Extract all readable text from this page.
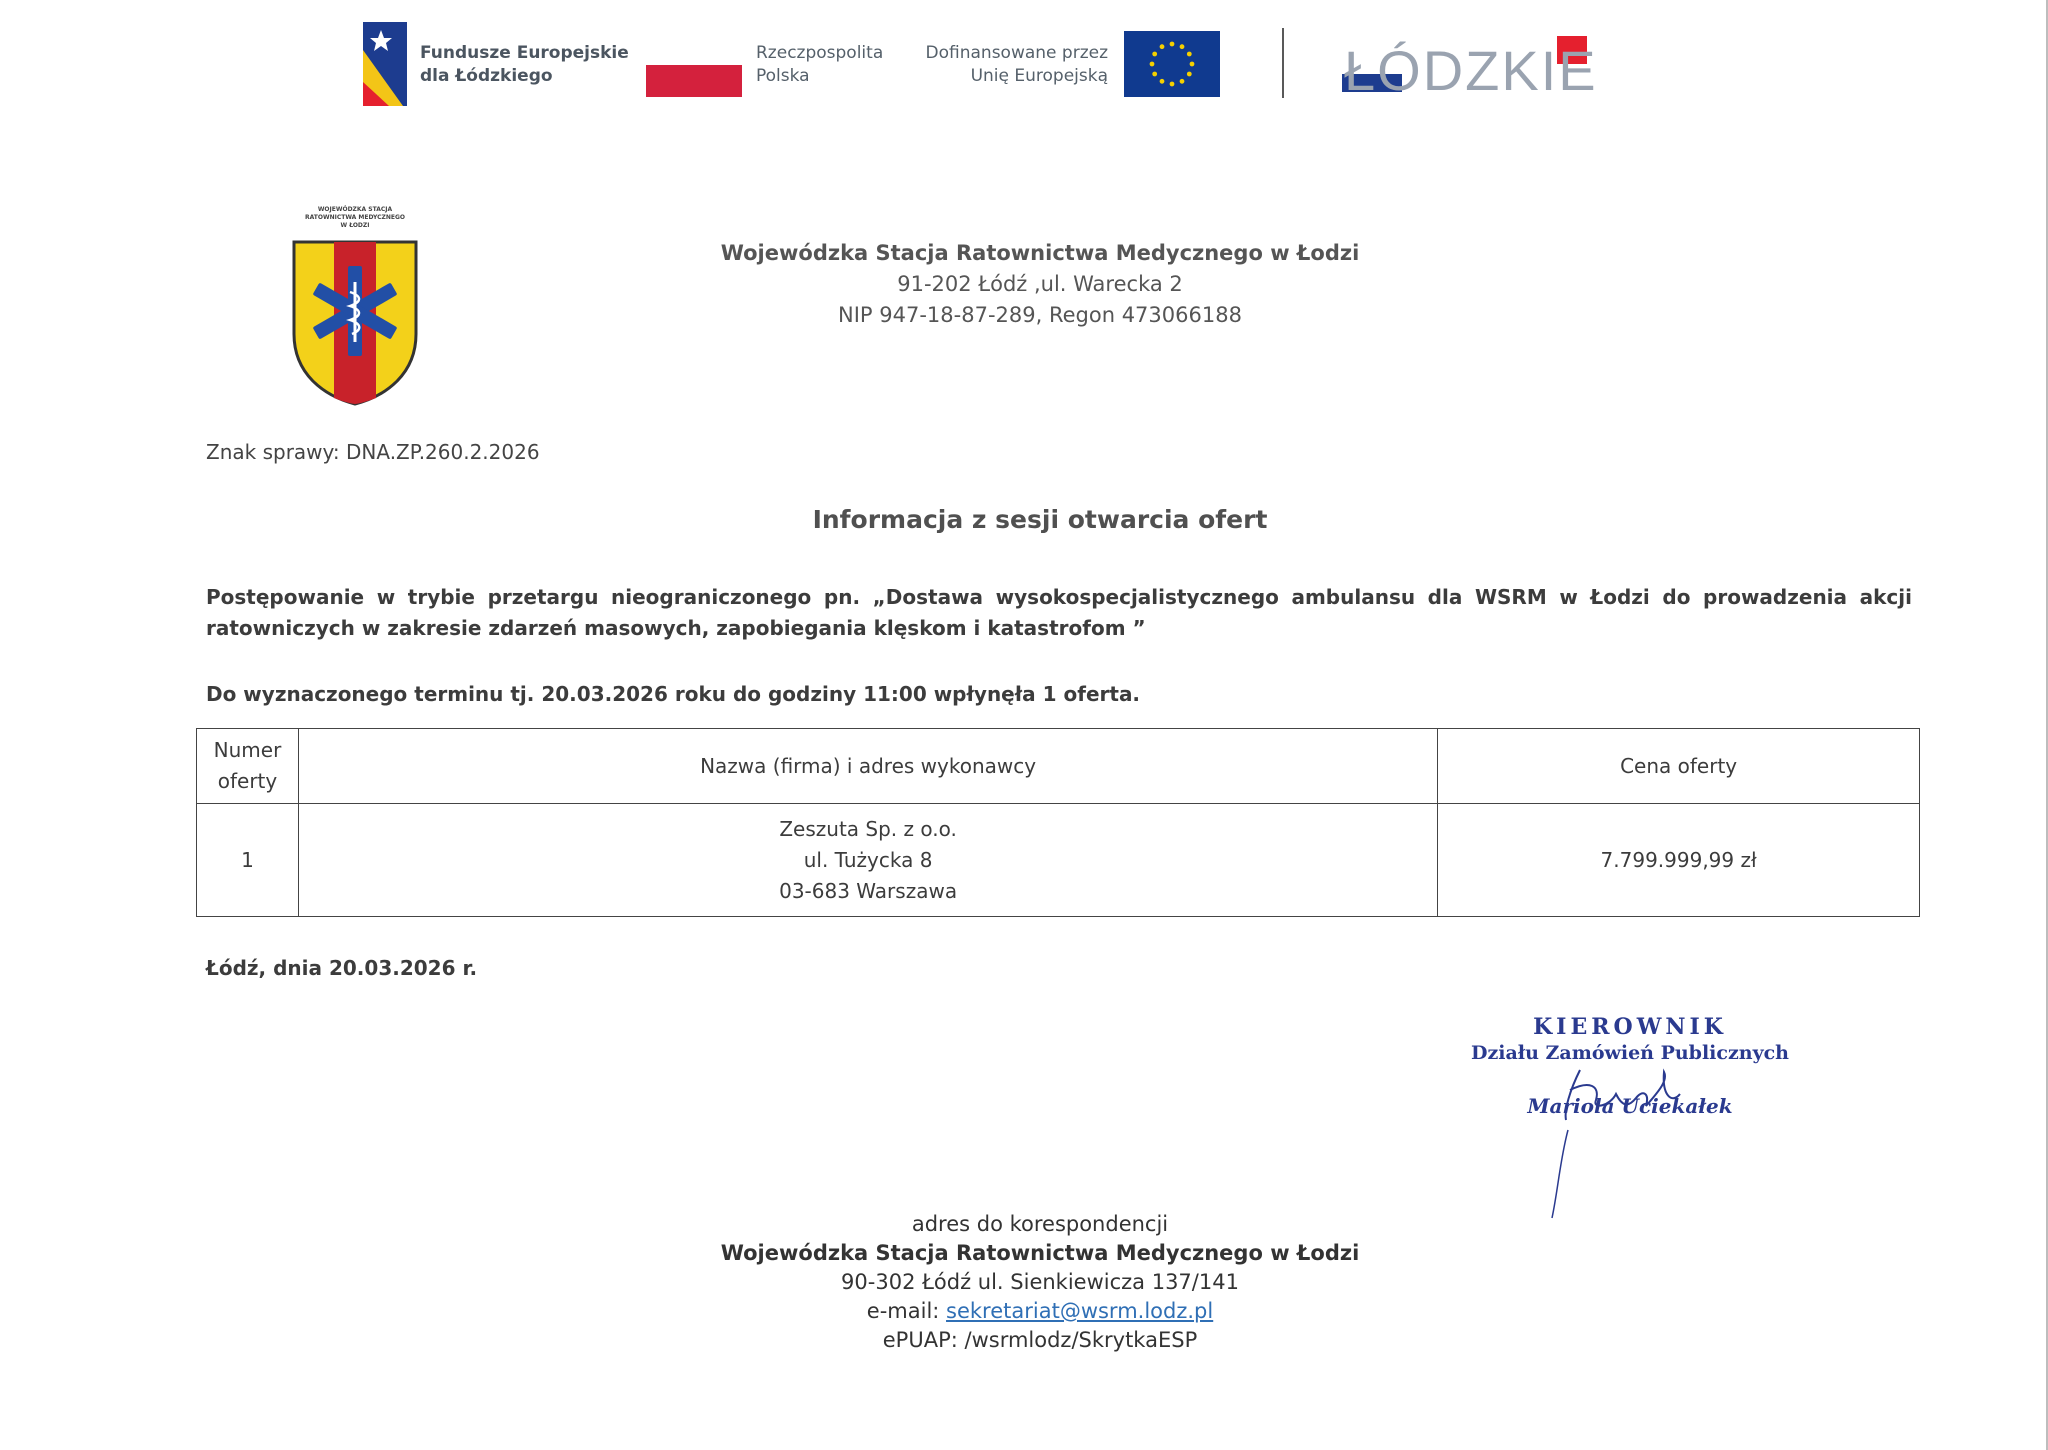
Fundusze Europejskie
dla Łódzkiego
Rzeczpospolita
Polska
Dofinansowane przez
Unię Europejską	ŁÓDZKIE
WOJEWÓDZKA STACJA
RATOWNICTWA MEDYCZNEGO
W ŁODZI
Wojewódzka Stacja Ratownictwa Medycznego w Łodzi
91-202 Łódź ,ul. Warecka 2
NIP 947-18-87-289, Regon 473066188
Znak sprawy: DNA.ZP.260.2.2026
Informacja z sesji otwarcia ofert
Postępowanie w trybie przetargu nieograniczonego pn. „Dostawa wysokospecjalistycznego ambulansu dla WSRM w Łodzi do prowadzenia akcji ratowniczych w zakresie zdarzeń masowych, zapobiegania klęskom i katastrofom ”
Do wyznaczonego terminu tj. 20.03.2026 roku do godziny 11:00 wpłynęła 1 oferta.
Numer
oferty	Nazwa (firma) i adres wykonawcy	Cena oferty
1	Zeszuta Sp. z o.o.
ul. Tużycka 8
03-683 Warszawa	7.799.999,99 zł
Łódź, dnia 20.03.2026 r.
KIEROWNIK
Działu Zamówień Publicznych
Mariola Uciekałek
adres do korespondencji
Wojewódzka Stacja Ratownictwa Medycznego w Łodzi
90-302 Łódź ul. Sienkiewicza 137/141
e-mail: sekretariat@wsrm.lodz.pl
ePUAP: /wsrmlodz/SkrytkaESP
